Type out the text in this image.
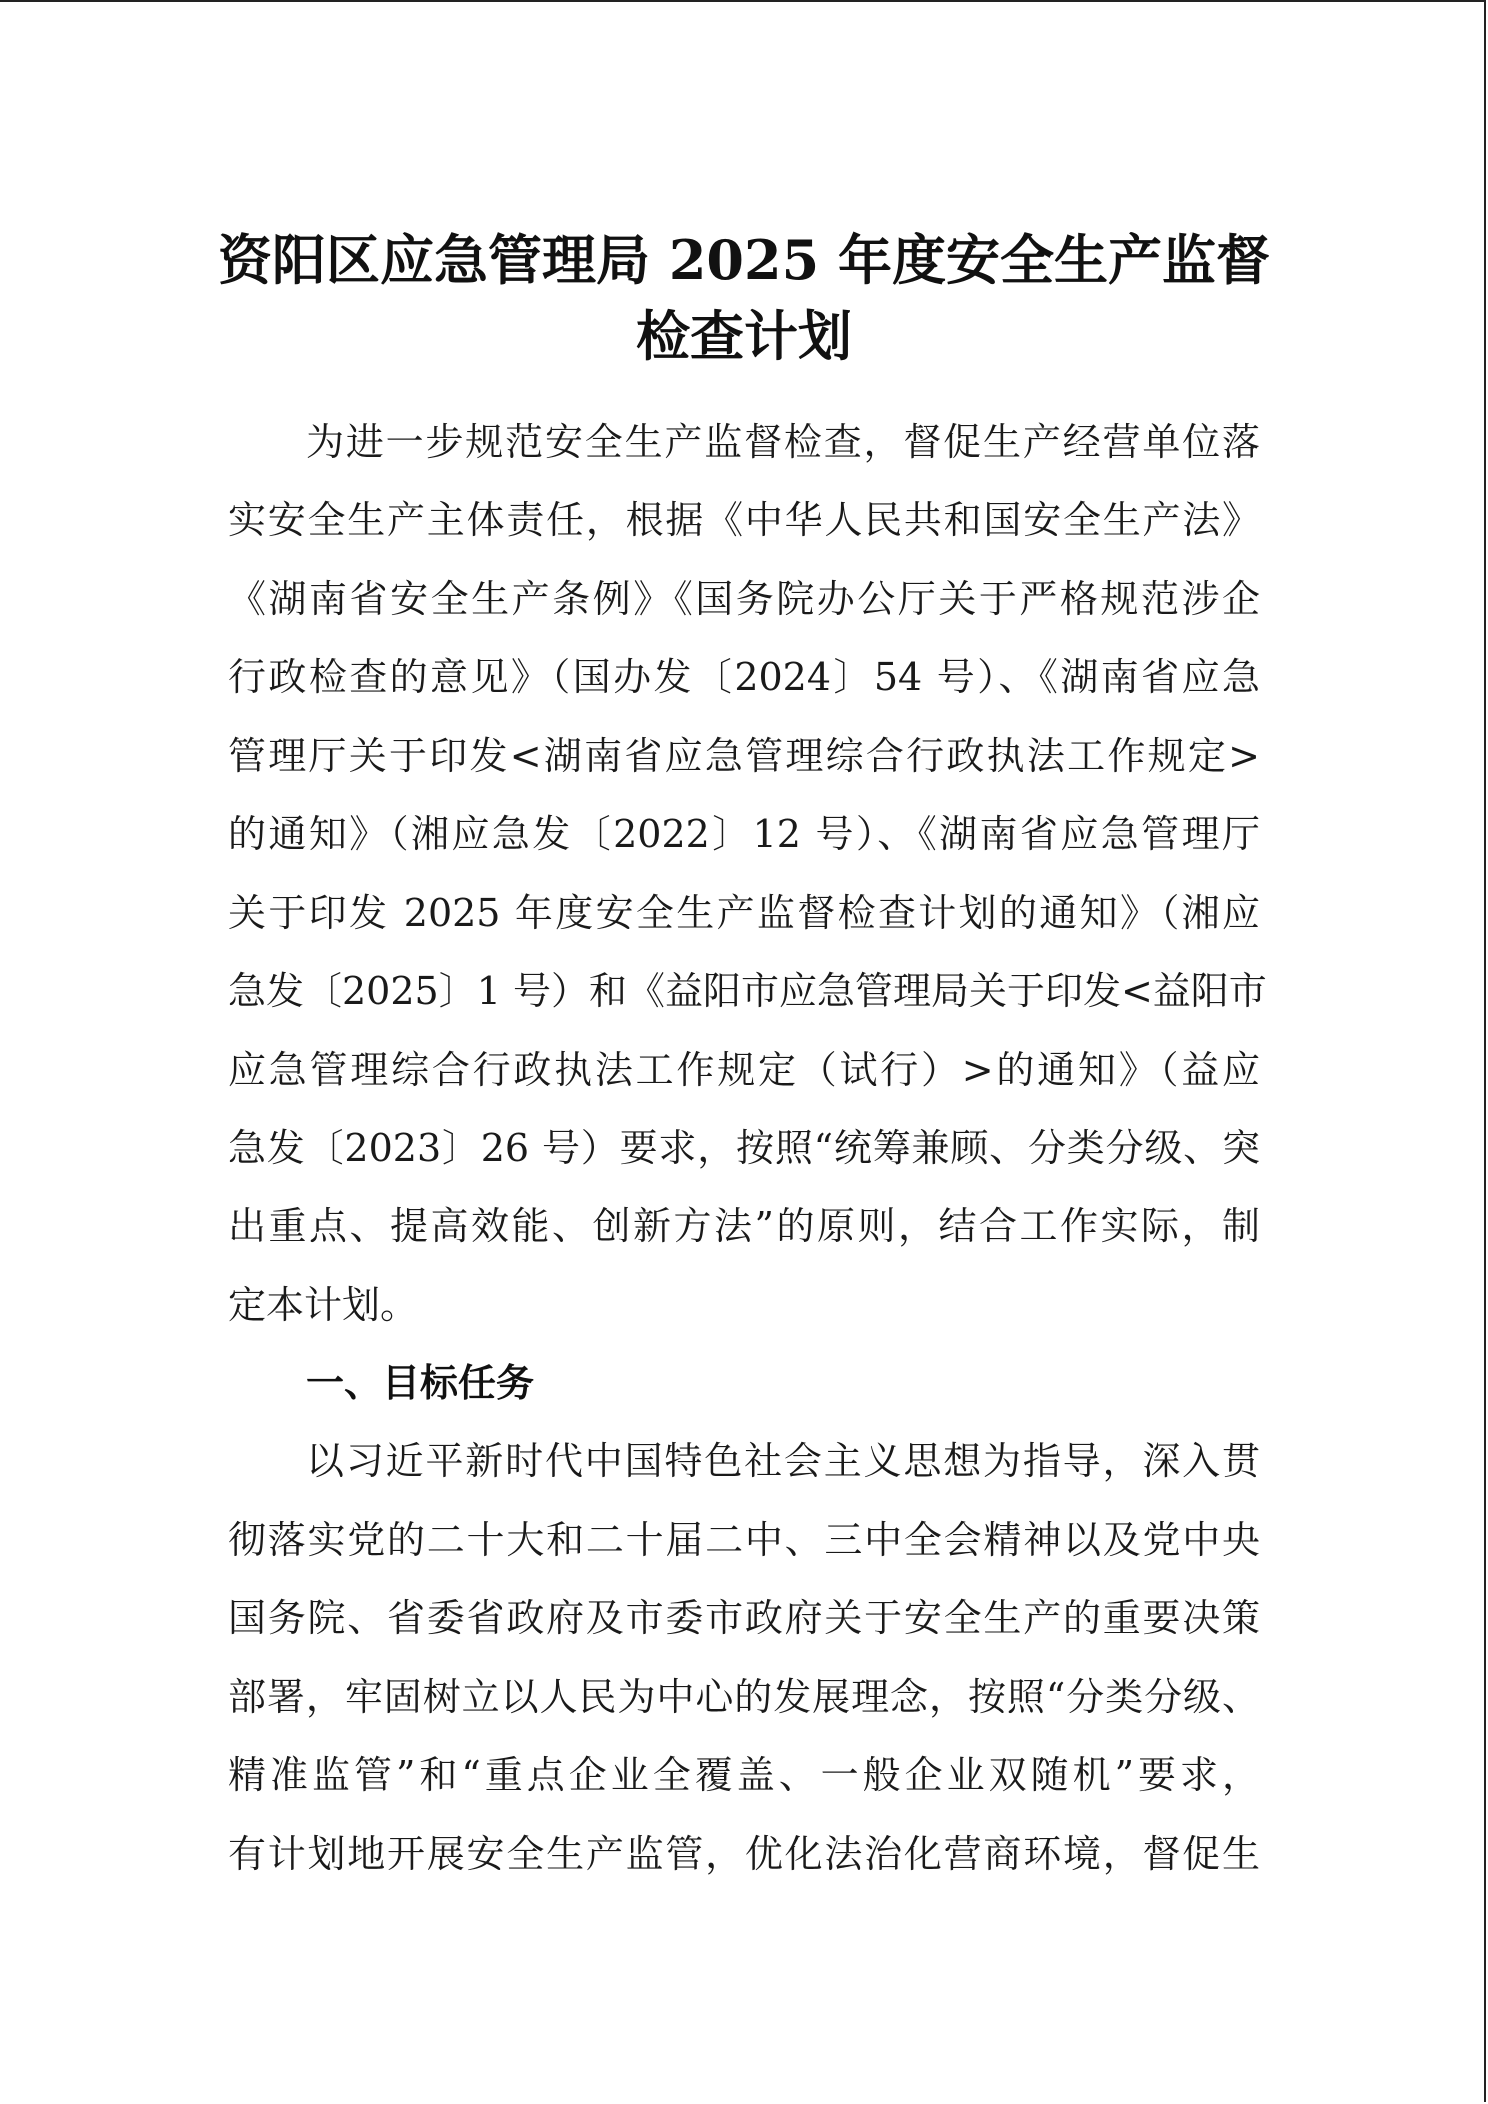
资阳区应急管理局 2025 年度安全生产监督
检查计划
为进一步规范安全生产监督检查，督促生产经营单位落
实安全生产主体责任，根据《中华人民共和国安全生产法》
《湖南省安全生产条例》《国务院办公厅关于严格规范涉企
行政检查的意见》（国办发〔2024〕54 号）、《湖南省应急
管理厅关于印发<湖南省应急管理综合行政执法工作规定>
的通知》（湘应急发〔2022〕12 号）、《湖南省应急管理厅
关于印发 2025 年度安全生产监督检查计划的通知》（湘应
急发〔2025〕1 号）和《益阳市应急管理局关于印发<益阳市
应急管理综合行政执法工作规定（试行）>的通知》（益应
急发〔2023〕26 号）要求，按照“统筹兼顾、分类分级、突
出重点、提高效能、创新方法”的原则，结合工作实际，制
定本计划。
一、目标任务
以习近平新时代中国特色社会主义思想为指导，深入贯
彻落实党的二十大和二十届二中、三中全会精神以及党中央
国务院、省委省政府及市委市政府关于安全生产的重要决策
部署，牢固树立以人民为中心的发展理念，按照“分类分级、
精准监管”和“重点企业全覆盖、一般企业双随机”要求，
有计划地开展安全生产监管，优化法治化营商环境，督促生
